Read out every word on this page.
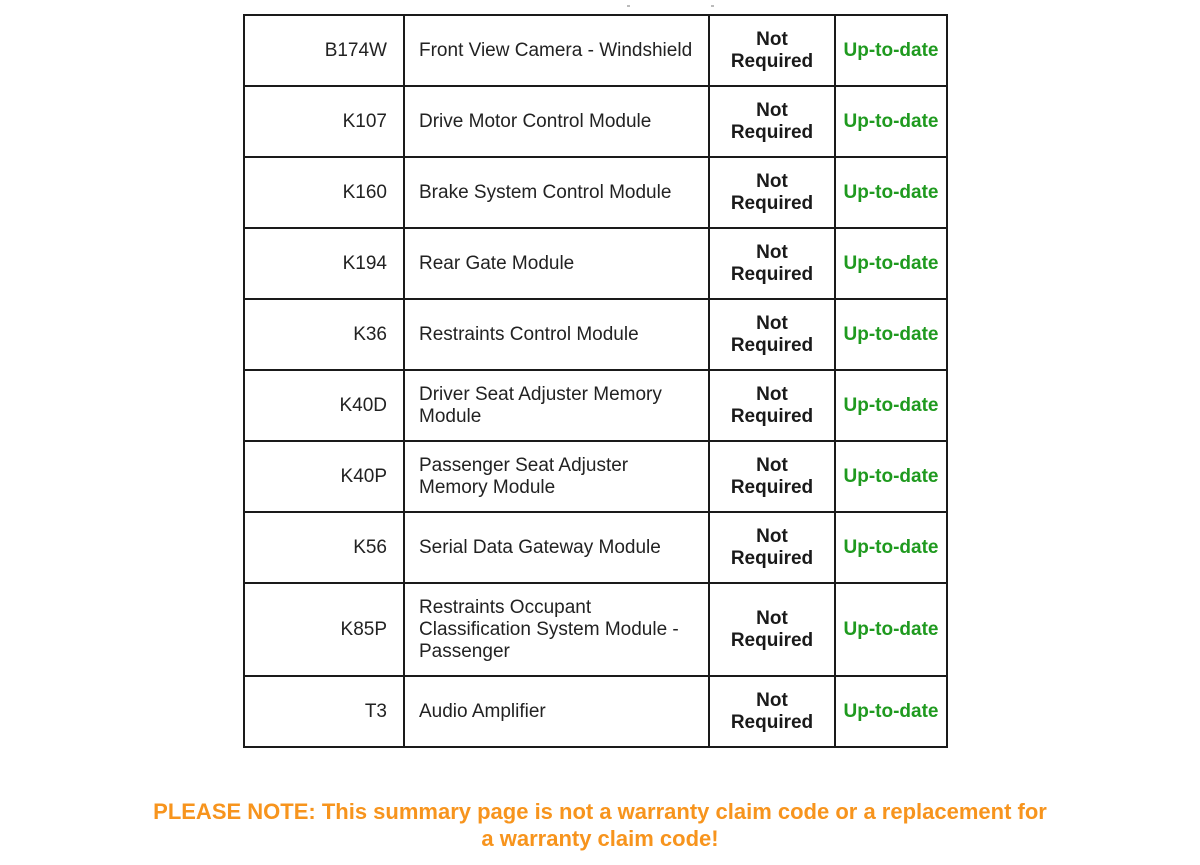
B174W	Front View Camera - Windshield	Not Required	Up-to-date
K107	Drive Motor Control Module	Not Required	Up-to-date
K160	Brake System Control Module	Not Required	Up-to-date
K194	Rear Gate Module	Not Required	Up-to-date
K36	Restraints Control Module	Not Required	Up-to-date
K40D	Driver Seat Adjuster Memory Module	Not Required	Up-to-date
K40P	Passenger Seat Adjuster Memory Module	Not Required	Up-to-date
K56	Serial Data Gateway Module	Not Required	Up-to-date
K85P	Restraints Occupant Classification System Module - Passenger	Not Required	Up-to-date
T3	Audio Amplifier	Not Required	Up-to-date
PLEASE NOTE: This summary page is not a warranty claim code or a replacement for a warranty claim code!
